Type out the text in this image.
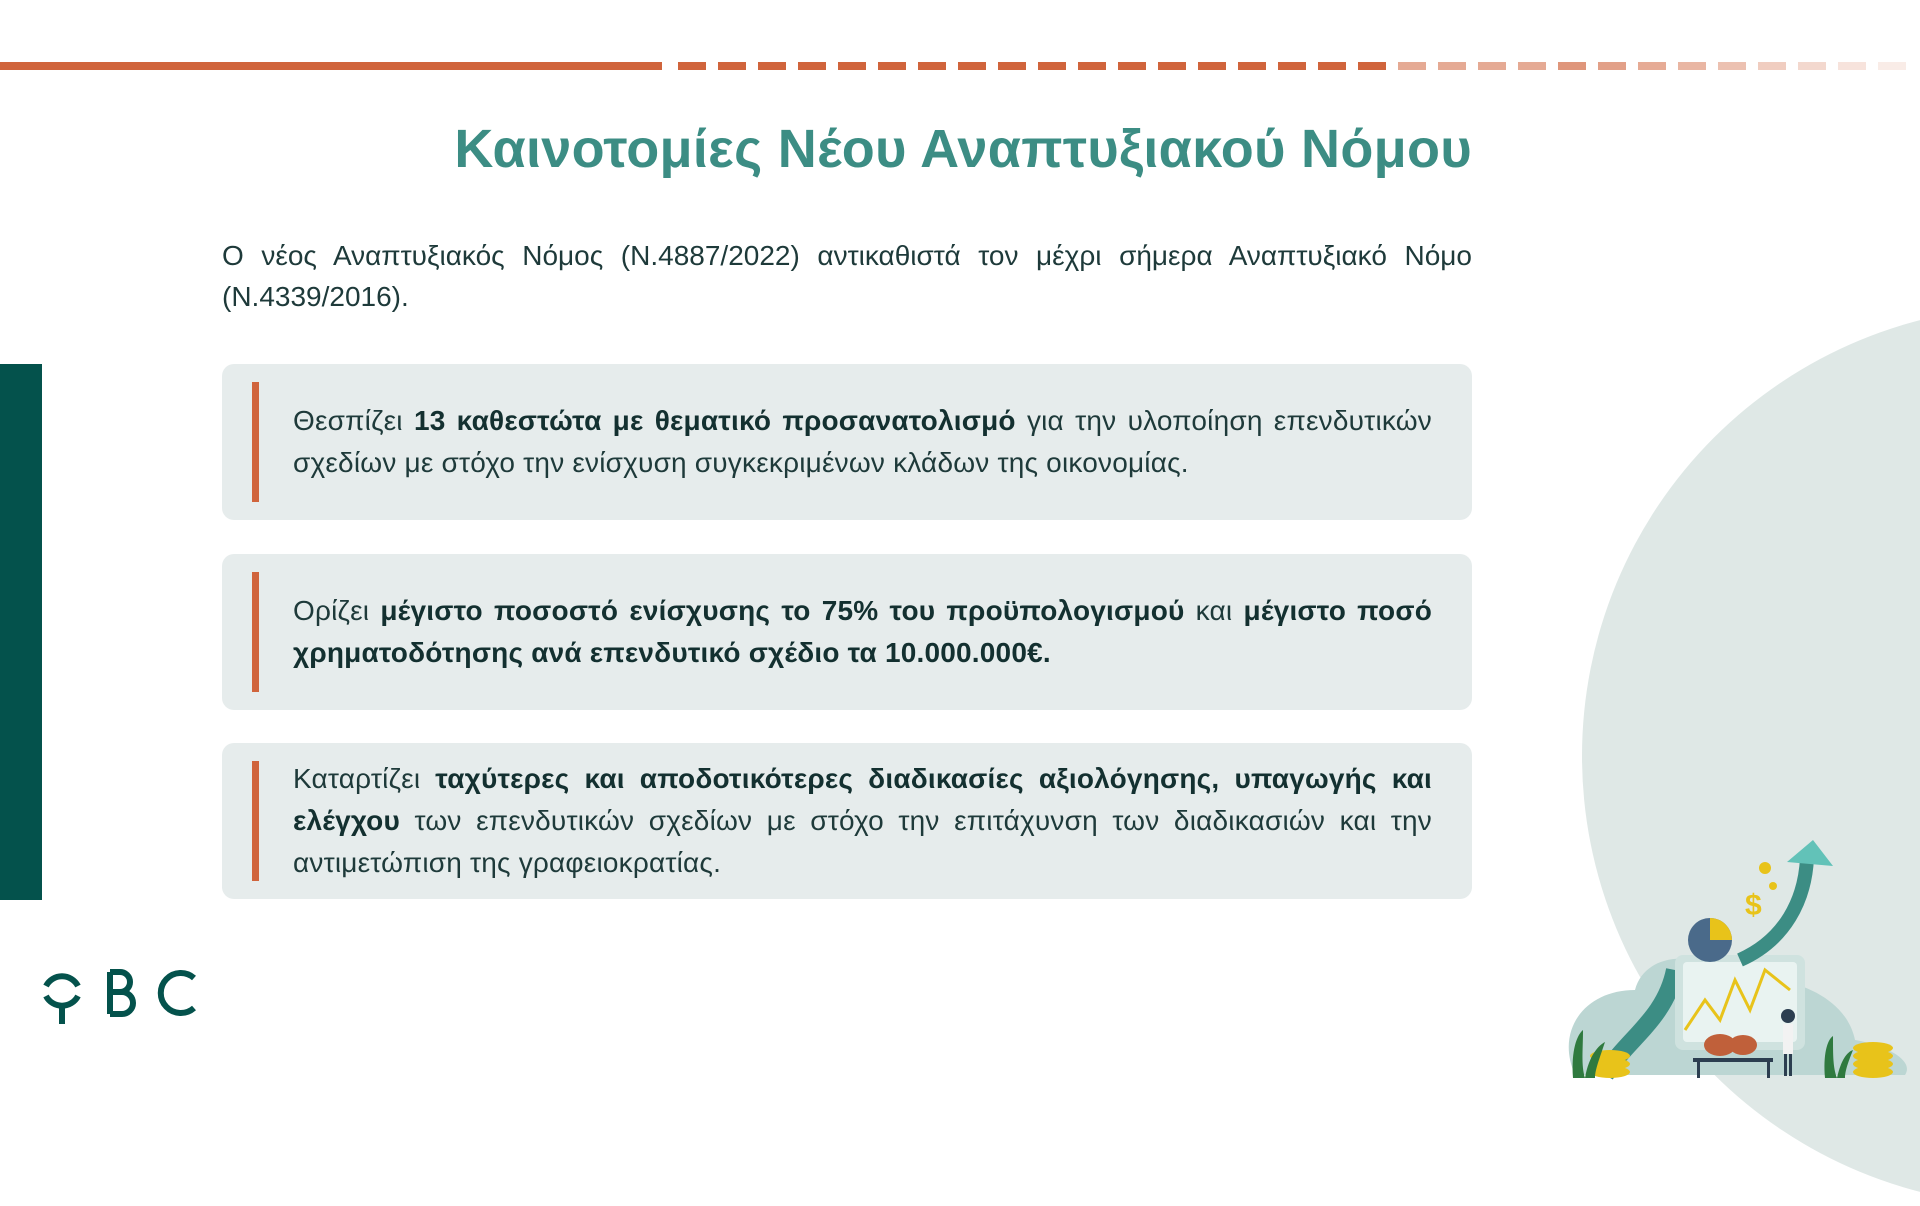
Καινοτομίες Νέου Αναπτυξιακού Νόμου

Ο νέος Αναπτυξιακός Νόμος (Ν.4887/2022) αντικαθιστά τον μέχρι σήμερα Αναπτυξιακό Νόμο (Ν.4339/2016).

Θεσπίζει 13 καθεστώτα με θεματικό προσανατολισμό για την υλοποίηση επενδυτικών σχεδίων με στόχο την ενίσχυση συγκεκριμένων κλάδων της οικονομίας.

Ορίζει μέγιστο ποσοστό ενίσχυσης το 75% του προϋπολογισμού και μέγιστο ποσό χρηματοδότησης ανά επενδυτικό σχέδιο τα 10.000.000€.

Καταρτίζει ταχύτερες και αποδοτικότερες διαδικασίες αξιολόγησης, υπαγωγής και ελέγχου των επενδυτικών σχεδίων με στόχο την επιτάχυνση των διαδικασιών και την αντιμετώπιση της γραφειοκρατίας.

$
